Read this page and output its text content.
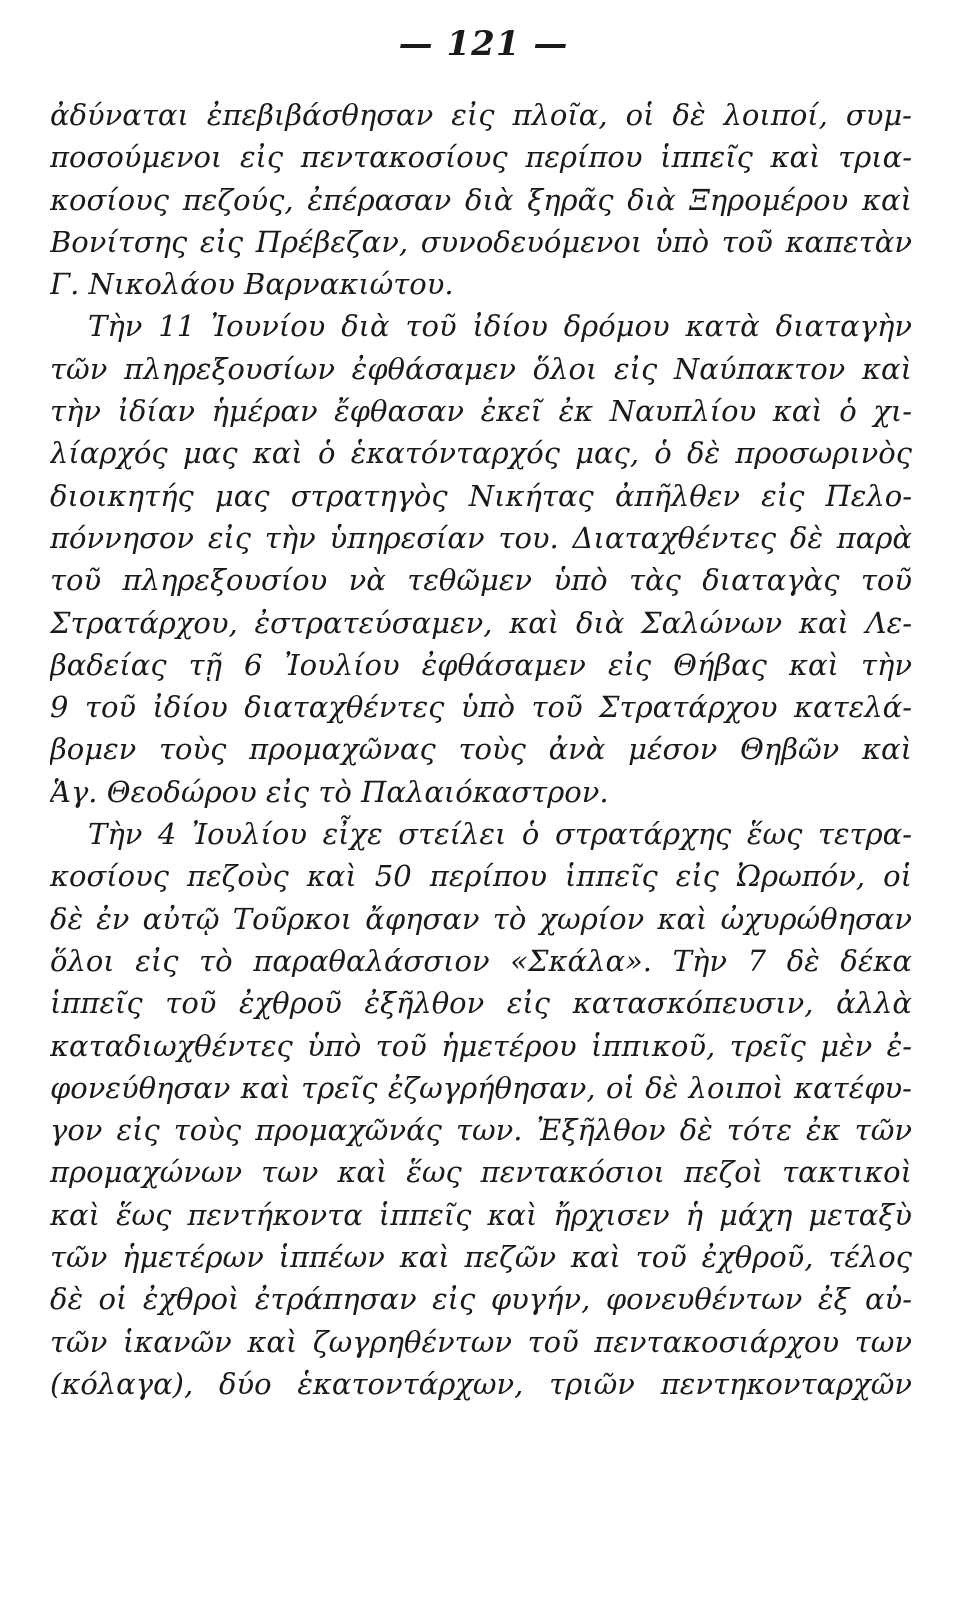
— 121 —
ἀδύναται ἐπεβιβάσθησαν εἰς πλοῖα, οἱ δὲ λοιποί, συμ-
ποσούμενοι εἰς πεντακοσίους περίπου ἱππεῖς καὶ τρια-
κοσίους πεζούς, ἐπέρασαν διὰ ξηρᾶς διὰ Ξηρομέρου καὶ
Βονίτσης εἰς Πρέβεζαν, συνοδευόμενοι ὑπὸ τοῦ καπετὰν
Γ. Νικολάου Βαρνακιώτου.
Τὴν 11 Ἰουνίου διὰ τοῦ ἰδίου δρόμου κατὰ διαταγὴν
τῶν πληρεξουσίων ἐφθάσαμεν ὅλοι εἰς Ναύπακτον καὶ
τὴν ἰδίαν ἡμέραν ἔφθασαν ἐκεῖ ἐκ Ναυπλίου καὶ ὁ χι-
λίαρχός μας καὶ ὁ ἑκατόνταρχός μας, ὁ δὲ προσωρινὸς
διοικητής μας στρατηγὸς Νικήτας ἀπῆλθεν εἰς Πελο-
πόννησον εἰς τὴν ὑπηρεσίαν του. Διαταχθέντες δὲ παρὰ
τοῦ πληρεξουσίου νὰ τεθῶμεν ὑπὸ τὰς διαταγὰς τοῦ
Στρατάρχου, ἐστρατεύσαμεν, καὶ διὰ Σαλώνων καὶ Λε-
βαδείας τῇ 6 Ἰουλίου ἐφθάσαμεν εἰς Θήβας καὶ τὴν
9 τοῦ ἰδίου διαταχθέντες ὑπὸ τοῦ Στρατάρχου κατελά-
βομεν τοὺς προμαχῶνας τοὺς ἀνὰ μέσον Θηβῶν καὶ
Ἁγ. Θεοδώρου εἰς τὸ Παλαιόκαστρον.
Τὴν 4 Ἰουλίου εἶχε στείλει ὁ στρατάρχης ἕως τετρα-
κοσίους πεζοὺς καὶ 50 περίπου ἱππεῖς εἰς Ὠρωπόν, οἱ
δὲ ἐν αὐτῷ Τοῦρκοι ἄφησαν τὸ χωρίον καὶ ὠχυρώθησαν
ὅλοι εἰς τὸ παραθαλάσσιον «Σκάλα». Τὴν 7 δὲ δέκα
ἱππεῖς τοῦ ἐχθροῦ ἐξῆλθον εἰς κατασκόπευσιν, ἀλλὰ
καταδιωχθέντες ὑπὸ τοῦ ἡμετέρου ἱππικοῦ, τρεῖς μὲν ἐ-
φονεύθησαν καὶ τρεῖς ἐζωγρήθησαν, οἱ δὲ λοιποὶ κατέφυ-
γον εἰς τοὺς προμαχῶνάς των. Ἐξῆλθον δὲ τότε ἐκ τῶν
προμαχώνων των καὶ ἕως πεντακόσιοι πεζοὶ τακτικοὶ
καὶ ἕως πεντήκοντα ἱππεῖς καὶ ἤρχισεν ἡ μάχη μεταξὺ
τῶν ἡμετέρων ἱππέων καὶ πεζῶν καὶ τοῦ ἐχθροῦ, τέλος
δὲ οἱ ἐχθροὶ ἐτράπησαν εἰς φυγήν, φονευθέντων ἐξ αὐ-
τῶν ἱκανῶν καὶ ζωγρηθέντων τοῦ πεντακοσιάρχου των
(κόλαγα), δύο ἑκατοντάρχων, τριῶν πεντηκονταρχῶν
